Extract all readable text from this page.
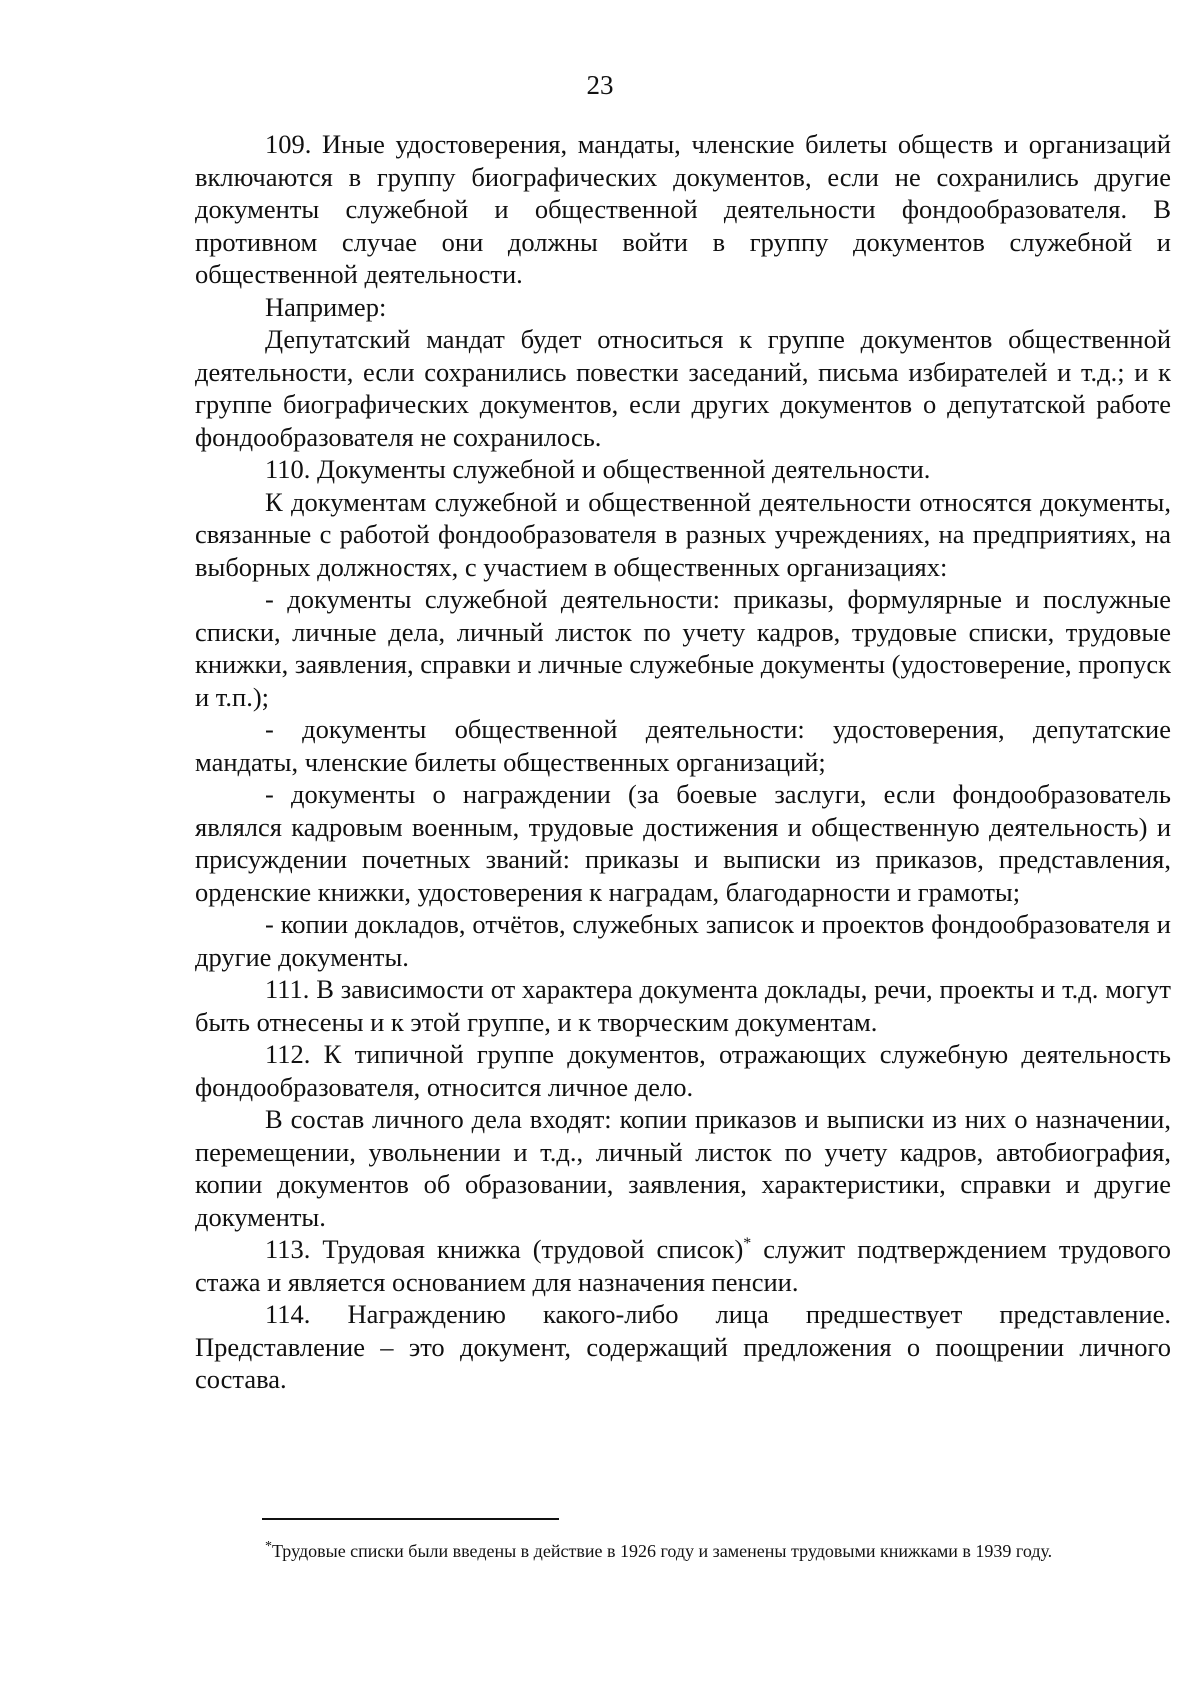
23

109. Иные удостоверения, мандаты, членские билеты обществ и организаций включаются в группу биографических документов, если не сохранились другие документы служебной и общественной деятельности фондообразователя. В противном случае они должны войти в группу документов служебной и общественной деятельности.

Например:

Депутатский мандат будет относиться к группе документов общественной деятельности, если сохранились повестки заседаний, письма избирателей и т.д.; и к группе биографических документов, если других документов о депутатской работе фондообразователя не сохранилось.

110. Документы служебной и общественной деятельности.

К документам служебной и общественной деятельности относятся документы, связанные с работой фондообразователя в разных учреждениях, на предприятиях, на выборных должностях, с участием в общественных организациях:

- документы служебной деятельности: приказы, формулярные и послужные списки, личные дела, личный листок по учету кадров, трудовые списки, трудовые книжки, заявления, справки и личные служебные документы (удостоверение, пропуск и т.п.);

- документы общественной деятельности: удостоверения, депутатские мандаты, членские билеты общественных организаций;

- документы о награждении (за боевые заслуги, если фондообразователь являлся кадровым военным, трудовые достижения и общественную деятельность) и присуждении почетных званий: приказы и выписки из приказов, представления, орденские книжки, удостоверения к наградам, благодарности и грамоты;

- копии докладов, отчётов, служебных записок и проектов фондообразователя и другие документы.

111. В зависимости от характера документа доклады, речи, проекты и т.д. могут быть отнесены и к этой группе, и к творческим документам.

112. К типичной группе документов, отражающих служебную деятельность фондообразователя, относится личное дело.

В состав личного дела входят: копии приказов и выписки из них о назначении, перемещении, увольнении и т.д., личный листок по учету кадров, автобиография, копии документов об образовании, заявления, характеристики, справки и другие документы.

113. Трудовая книжка (трудовой список)* служит подтверждением трудового стажа и является основанием для назначения пенсии.

114. Награждению какого-либо лица предшествует представление. Представление – это документ, содержащий предложения о поощрении личного состава.

*Трудовые списки были введены в действие в 1926 году и заменены трудовыми книжками в 1939 году.
